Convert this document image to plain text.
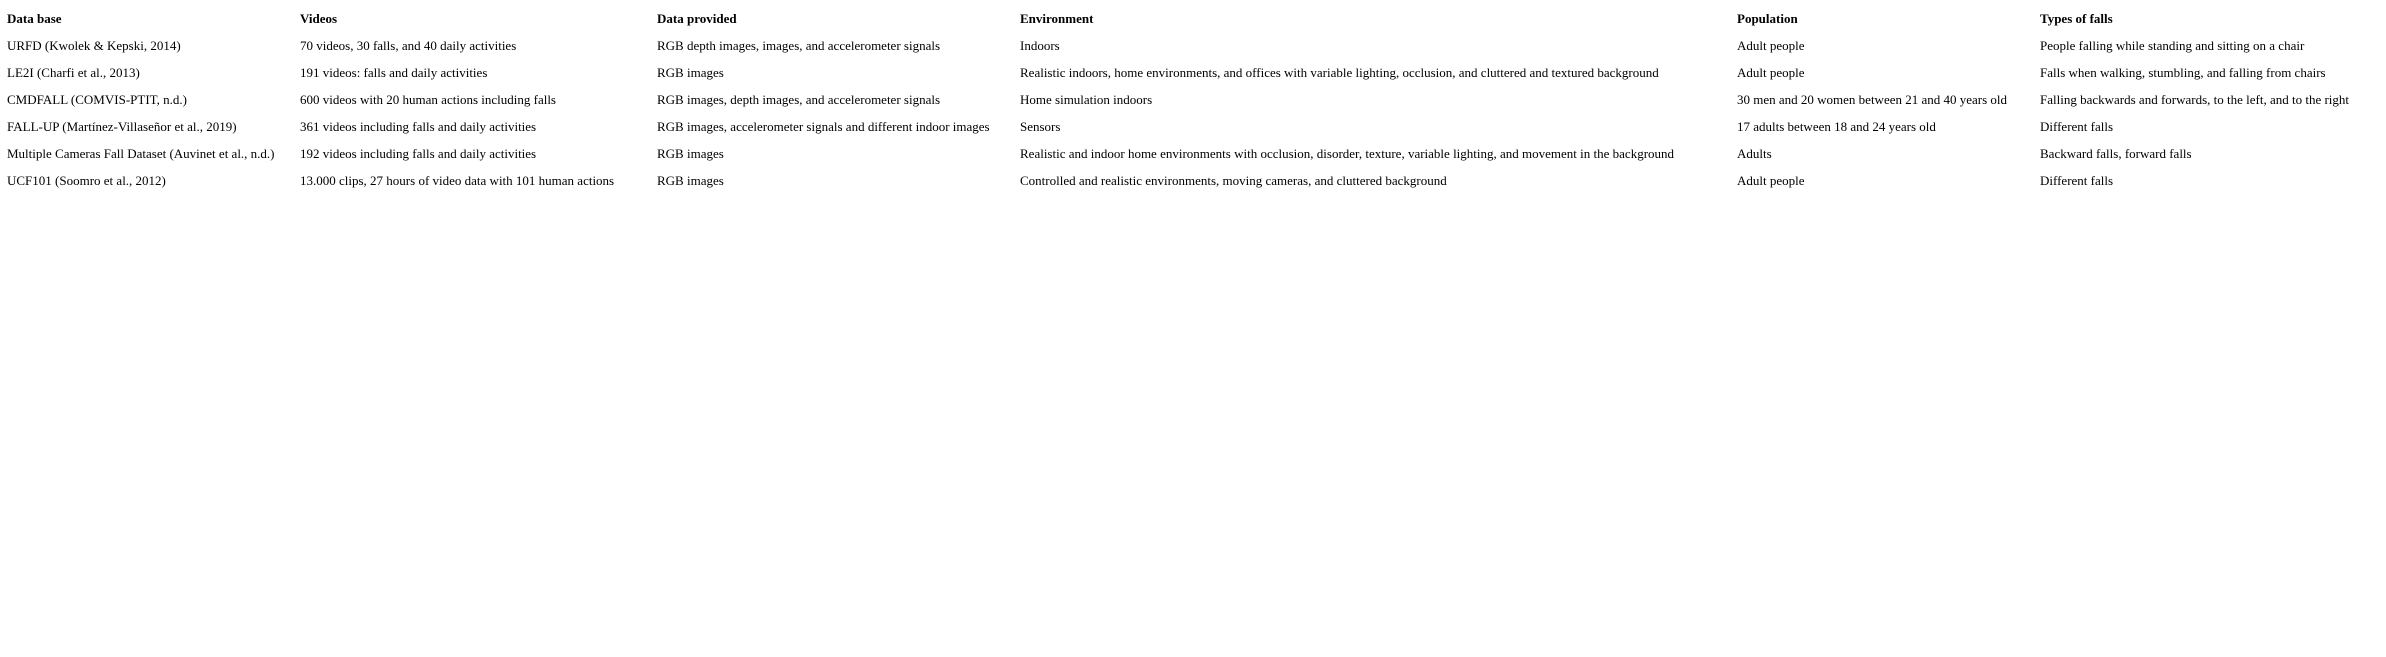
Data base	Videos	Data provided	Environment	Population	Types of falls
URFD (Kwolek & Kepski, 2014)	70 videos, 30 falls, and 40 daily activities	RGB depth images, images, and accelerometer signals	Indoors	Adult people	People falling while standing and sitting on a chair
LE2I (Charfi et al., 2013)	191 videos: falls and daily activities	RGB images	Realistic indoors, home environments, and offices with variable lighting, occlusion, and cluttered and textured background	Adult people	Falls when walking, stumbling, and falling from chairs
CMDFALL (COMVIS-PTIT, n.d.)	600 videos with 20 human actions including falls	RGB images, depth images, and accelerometer signals	Home simulation indoors	30 men and 20 women between 21 and 40 years old	Falling backwards and forwards, to the left, and to the right
FALL-UP (Martínez-Villaseñor et al., 2019)	361 videos including falls and daily activities	RGB images, accelerometer signals and different indoor images	Sensors	17 adults between 18 and 24 years old	Different falls
Multiple Cameras Fall Dataset (Auvinet et al., n.d.)	192 videos including falls and daily activities	RGB images	Realistic and indoor home environments with occlusion, disorder, texture, variable lighting, and movement in the background	Adults	Backward falls, forward falls
UCF101 (Soomro et al., 2012)	13.000 clips, 27 hours of video data with 101 human actions	RGB images	Controlled and realistic environments, moving cameras, and cluttered background	Adult people	Different falls
